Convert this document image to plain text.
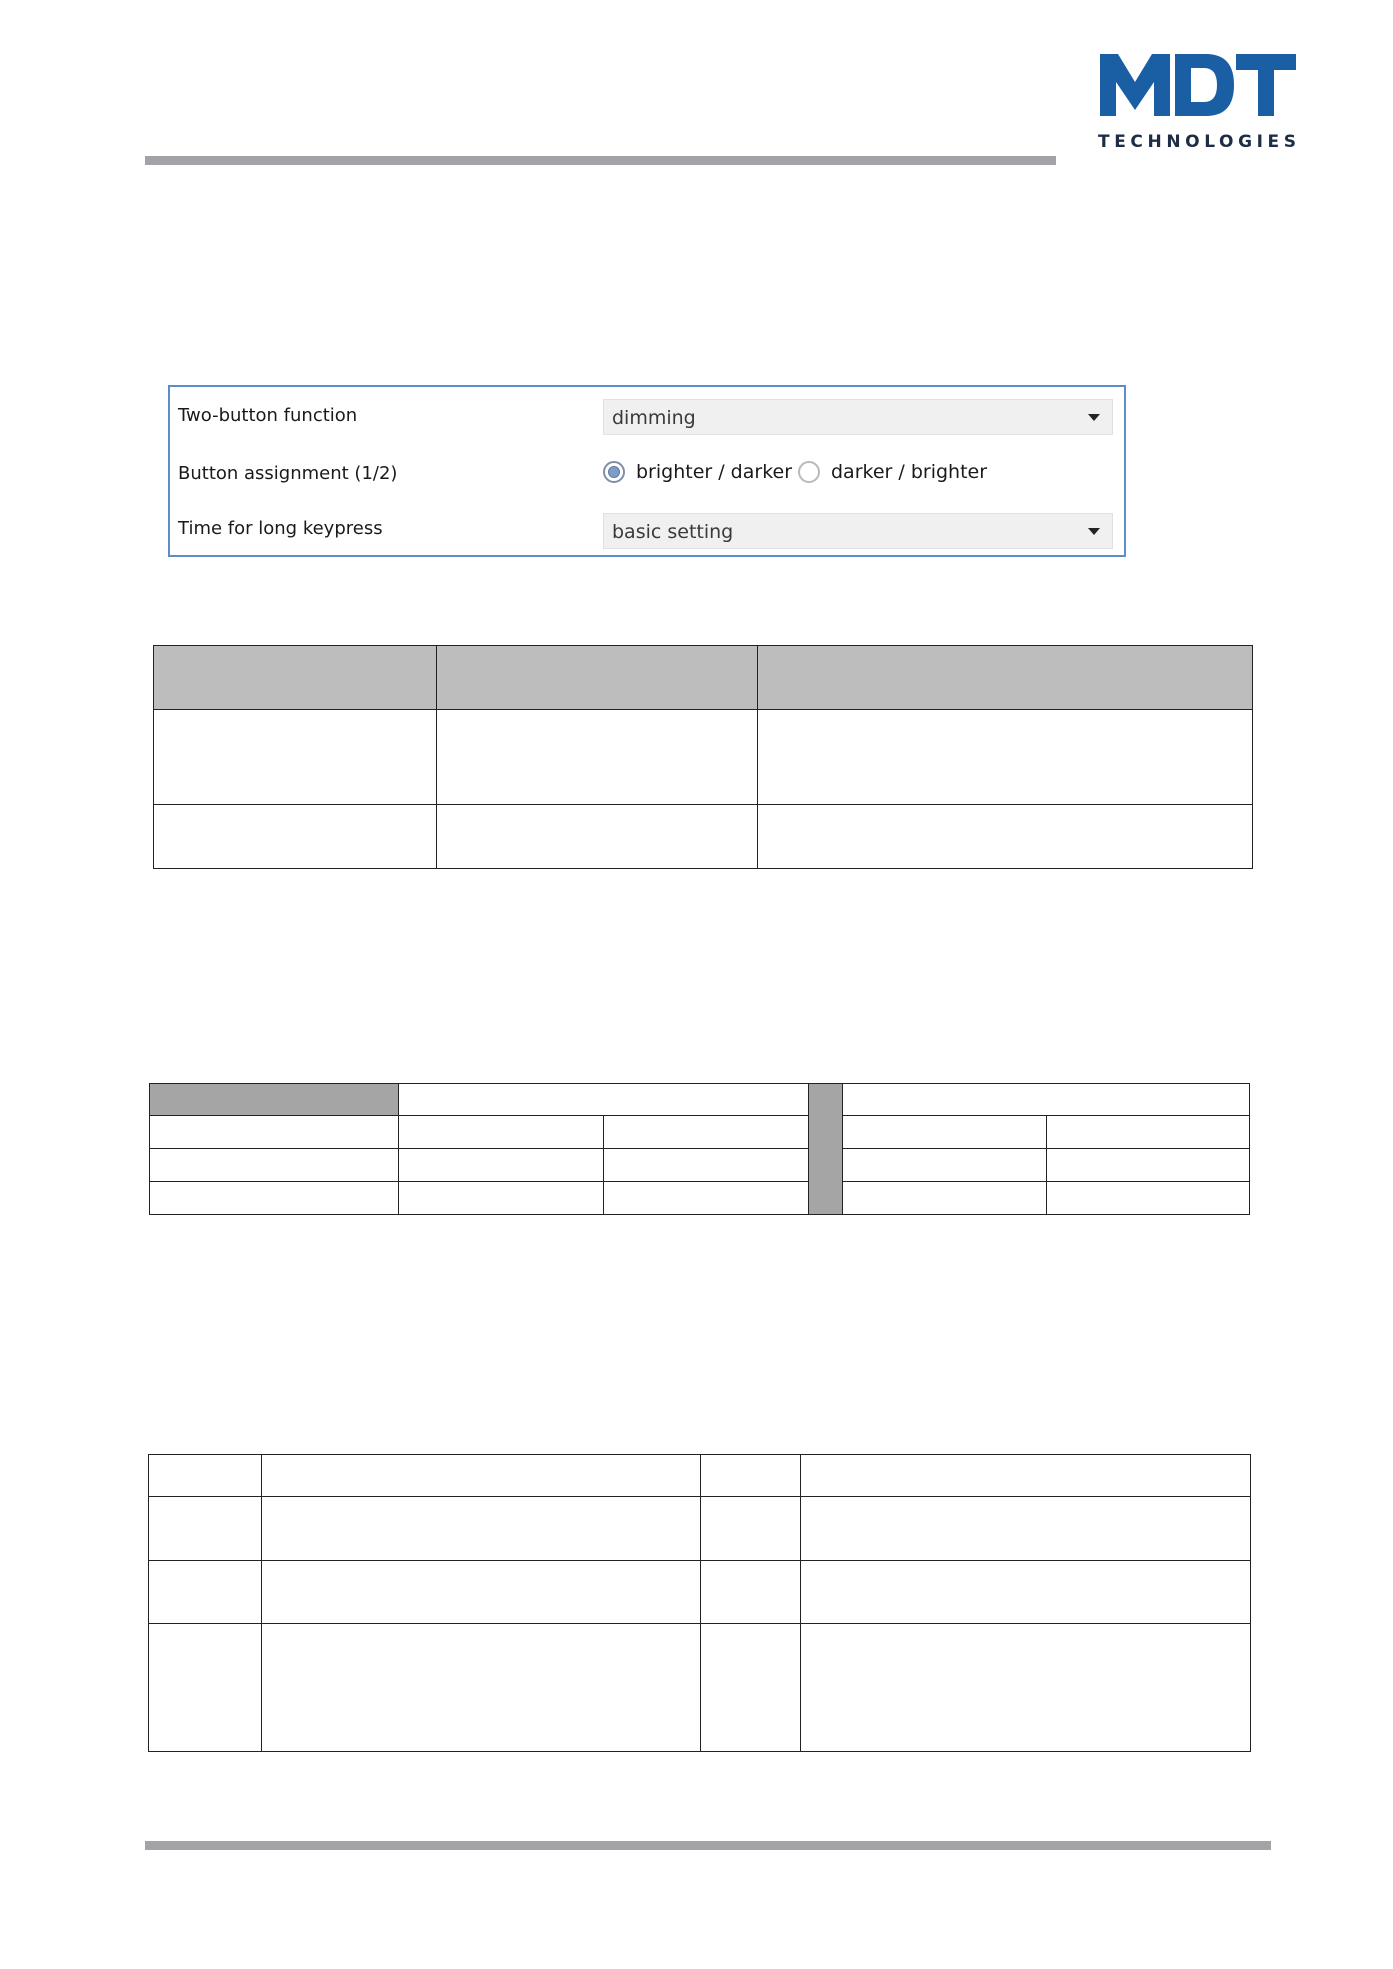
TECHNOLOGIES
Two-button function	dimming
Button assignment (1/2)	brighter / darker darker / brighter
Time for long keypress	basic setting
